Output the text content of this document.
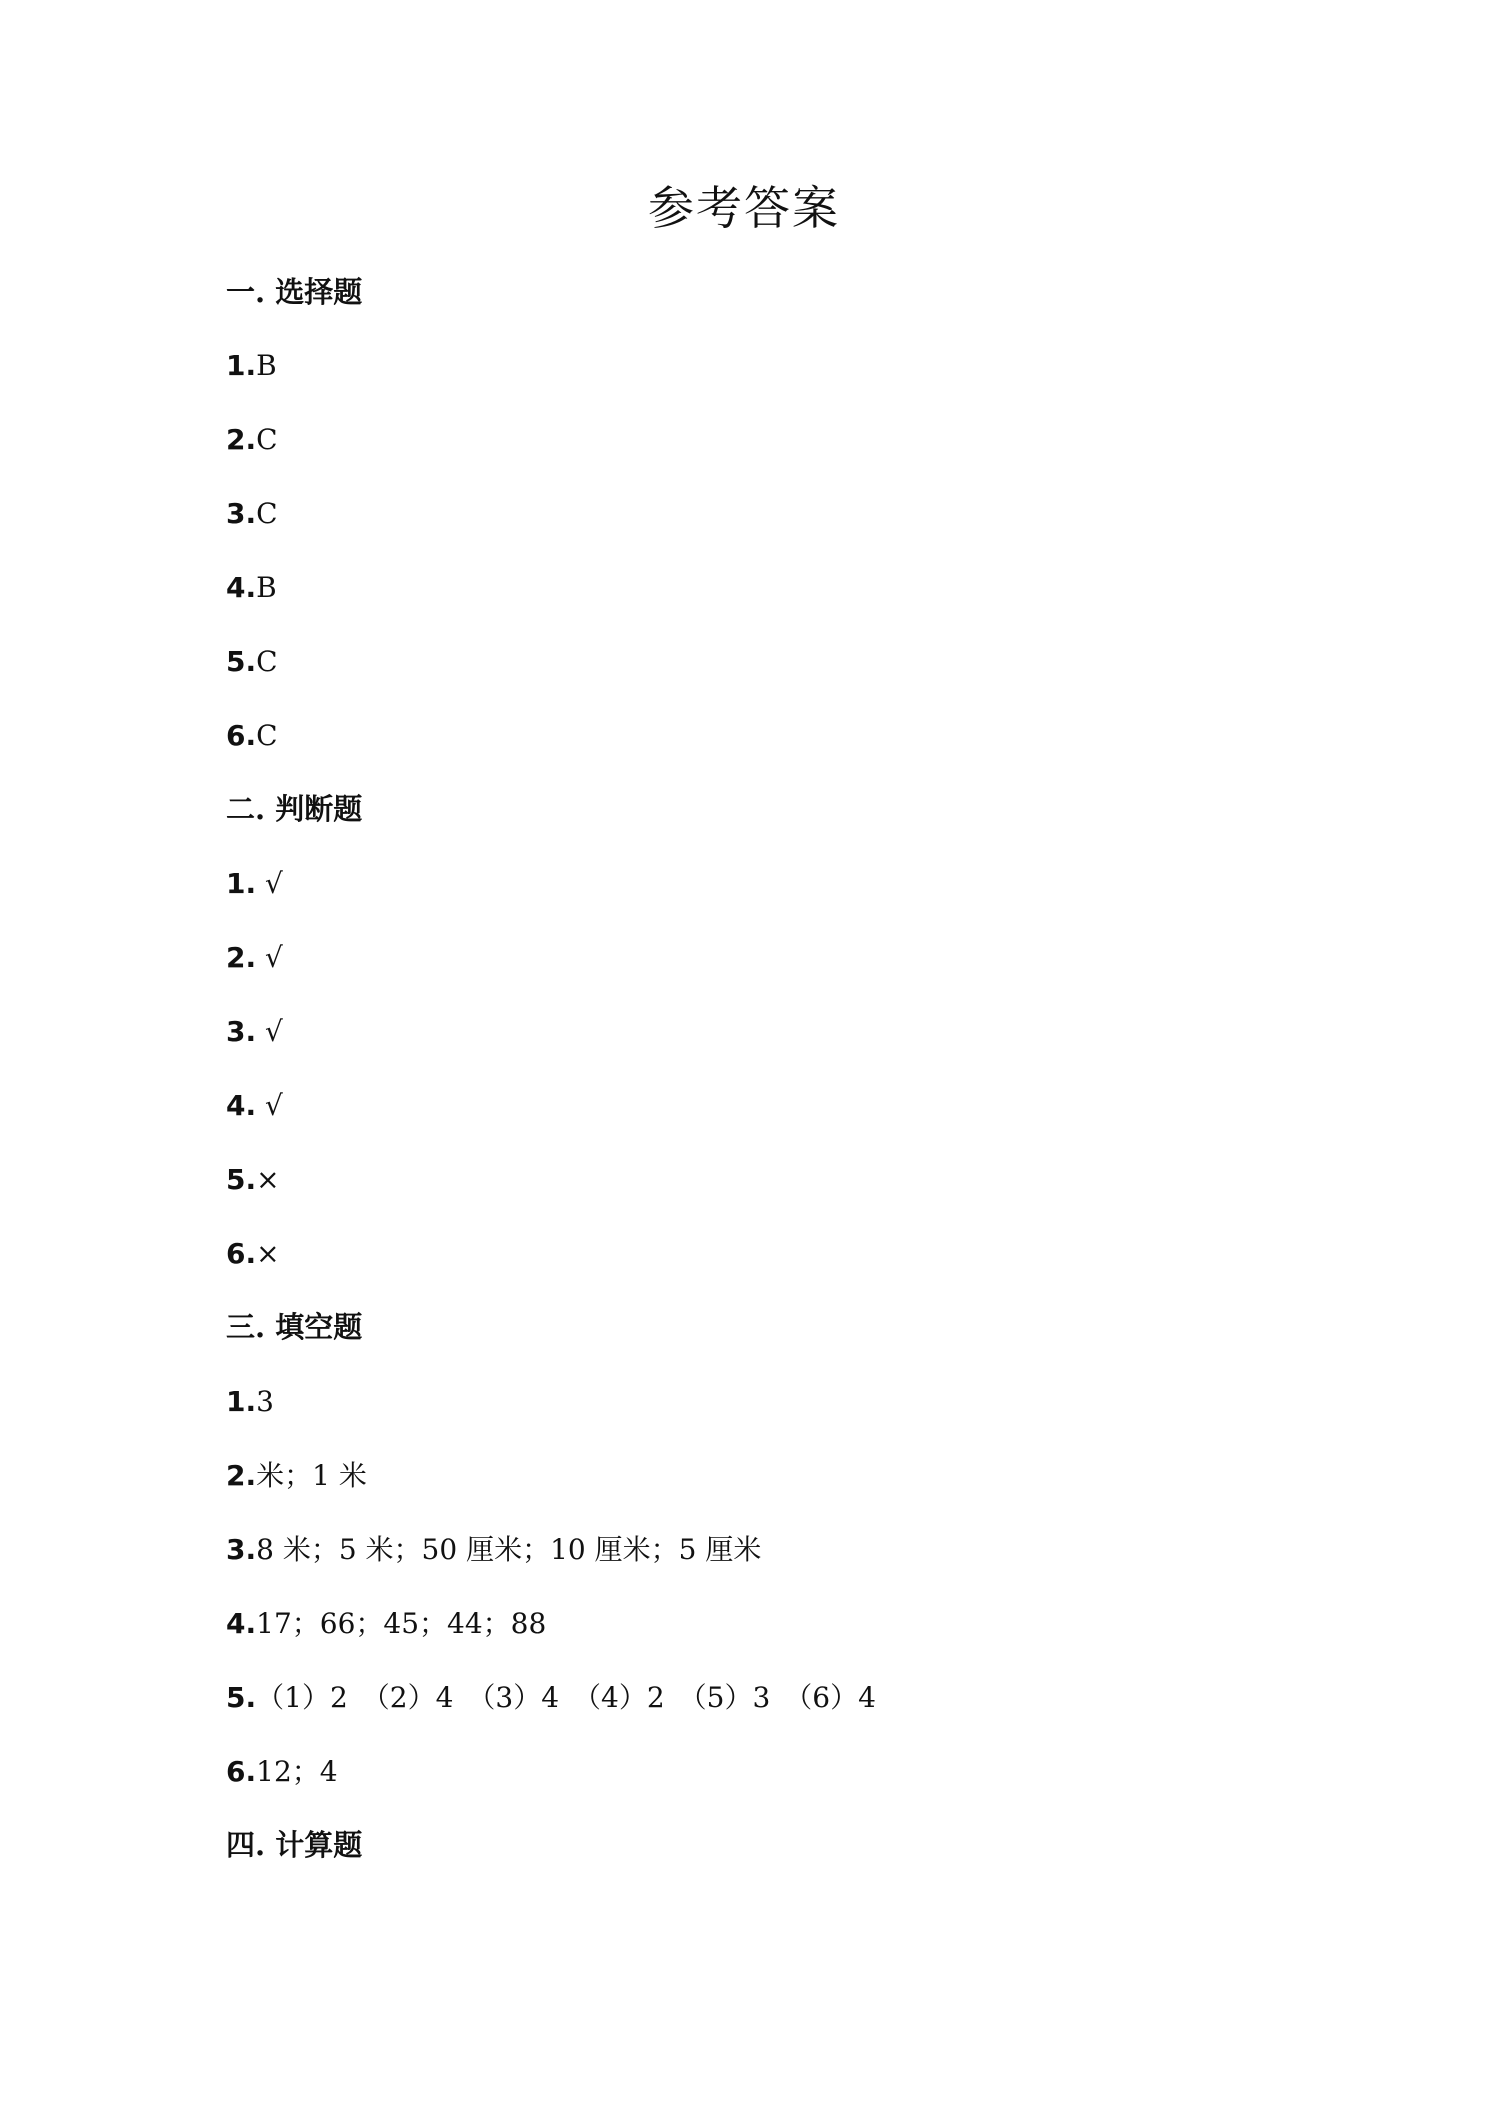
参考答案
一. 选择题
1.B
2.C
3.C
4.B
5.C
6.C
二. 判断题
1. √
2. √
3. √
4. √
5.×
6.×
三. 填空题
1.3
2.米；1 米
3.8 米；5 米；50 厘米；10 厘米；5 厘米
4.17；66；45；44；88
5.（1）2　（2）4　（3）4　（4）2　（5）3　（6）4
6.12；4
四. 计算题
